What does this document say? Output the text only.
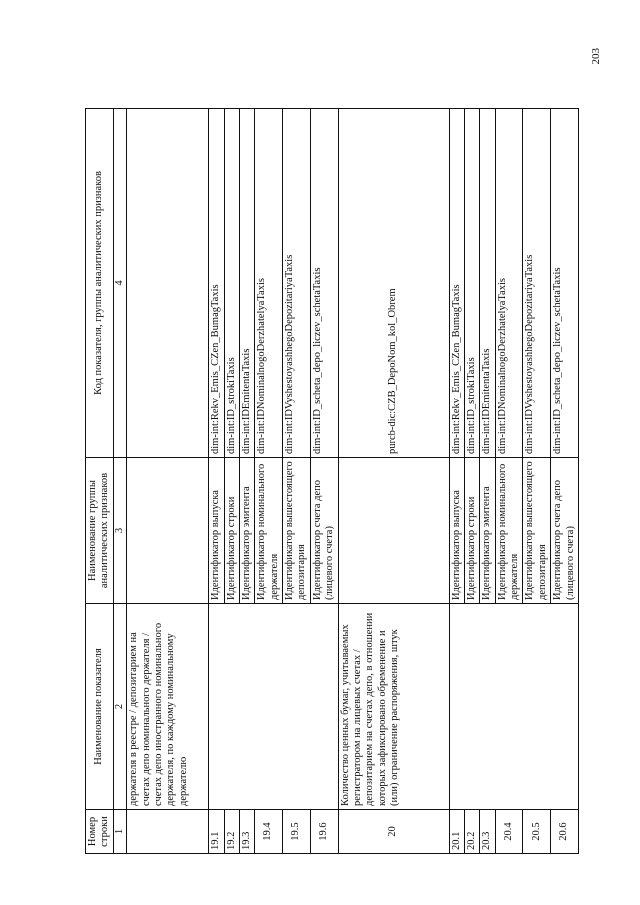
203
Номер строки	Наименование показателя	Наименование группы аналитических признаков	Код показателя, группы аналитических признаков
1	2	3	4
	держателя в реестре / депозитарием на счетах депо номинального держателя / счетах депо иностранного номинального держателя, по каждому номинальному держателю		
19.1		Идентификатор выпуска	dim-int:Rekv_Emis_CZen_BumagTaxis
19.2		Идентификатор строки	dim-int:ID_strokiTaxis
19.3		Идентификатор эмитента	dim-int:IDEmitentaTaxis
19.4		Идентификатор номинального держателя	dim-int:IDNominalnogoDerzhatelyaTaxis
19.5		Идентификатор вышестоящего депозитария	dim-int:IDVyshestoyashhegoDepozitariyaTaxis
19.6		Идентификатор счета депо (лицевого счета)	dim-int:ID_scheta_depo_liczev_schetaTaxis
20	Количество ценных бумаг, учитываемых регистратором на лицевых счетах / депозитарием на счетах депо, в отношении которых зафиксировано обременение и (или) ограничение распоряжения, штук		purcb-dic:CZB_DepoNom_kol_Obrem
20.1		Идентификатор выпуска	dim-int:Rekv_Emis_CZen_BumagTaxis
20.2		Идентификатор строки	dim-int:ID_strokiTaxis
20.3		Идентификатор эмитента	dim-int:IDEmitentaTaxis
20.4		Идентификатор номинального держателя	dim-int:IDNominalnogoDerzhatelyaTaxis
20.5		Идентификатор вышестоящего депозитария	dim-int:IDVyshestoyashhegoDepozitariyaTaxis
20.6		Идентификатор счета депо (лицевого счета)	dim-int:ID_scheta_depo_liczev_schetaTaxis
